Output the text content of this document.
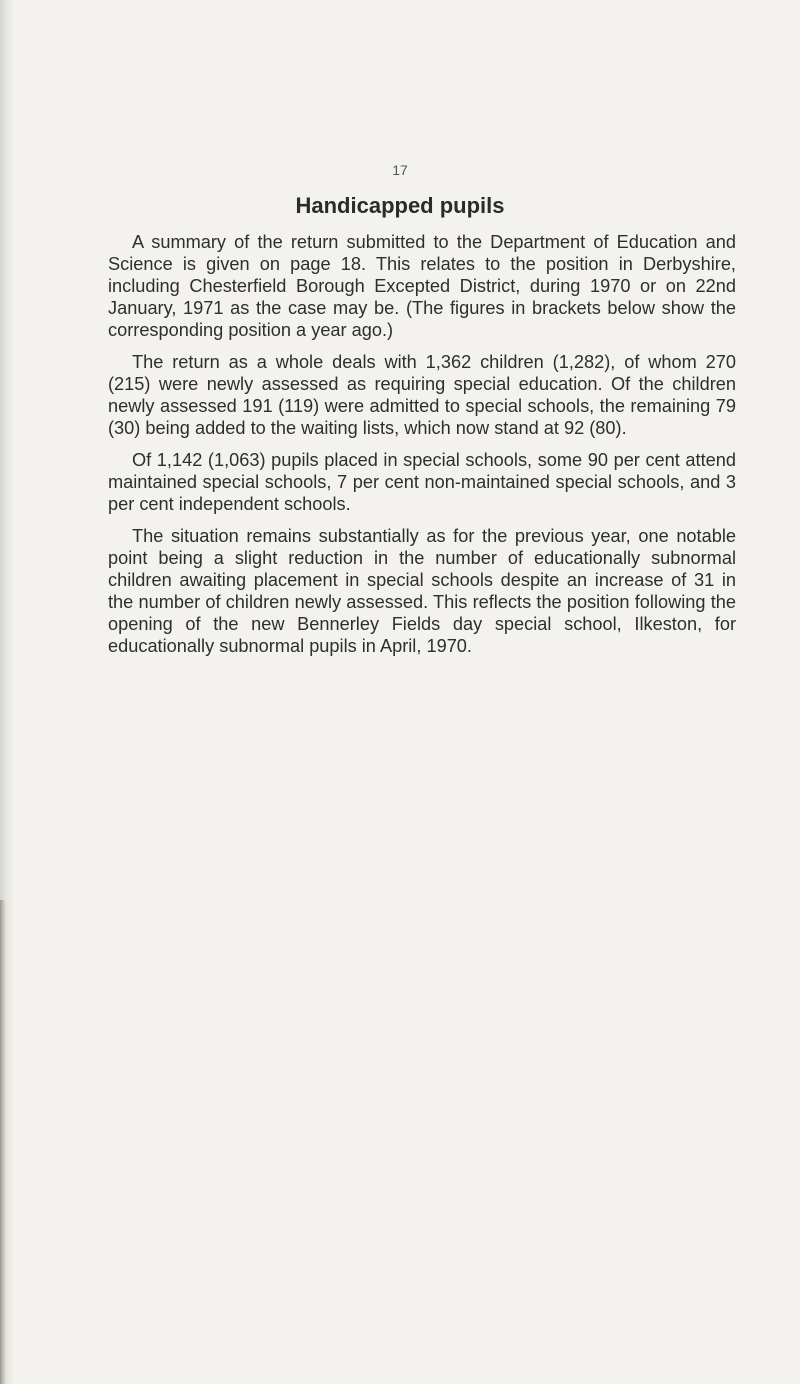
17
Handicapped pupils

A summary of the return submitted to the Department of Education and Science is given on page 18. This relates to the position in Derbyshire, including Chesterfield Borough Excepted District, during 1970 or on 22nd January, 1971 as the case may be. (The figures in brackets below show the corresponding position a year ago.)

The return as a whole deals with 1,362 children (1,282), of whom 270 (215) were newly assessed as requiring special education. Of the children newly assessed 191 (119) were admitted to special schools, the remaining 79 (30) being added to the waiting lists, which now stand at 92 (80).

Of 1,142 (1,063) pupils placed in special schools, some 90 per cent attend maintained special schools, 7 per cent non-maintained special schools, and 3 per cent independent schools.

The situation remains substantially as for the previous year, one notable point being a slight reduction in the number of educationally subnormal children awaiting placement in special schools despite an increase of 31 in the number of children newly assessed. This reflects the position following the opening of the new Bennerley Fields day special school, Ilkeston, for educationally subnormal pupils in April, 1970.
